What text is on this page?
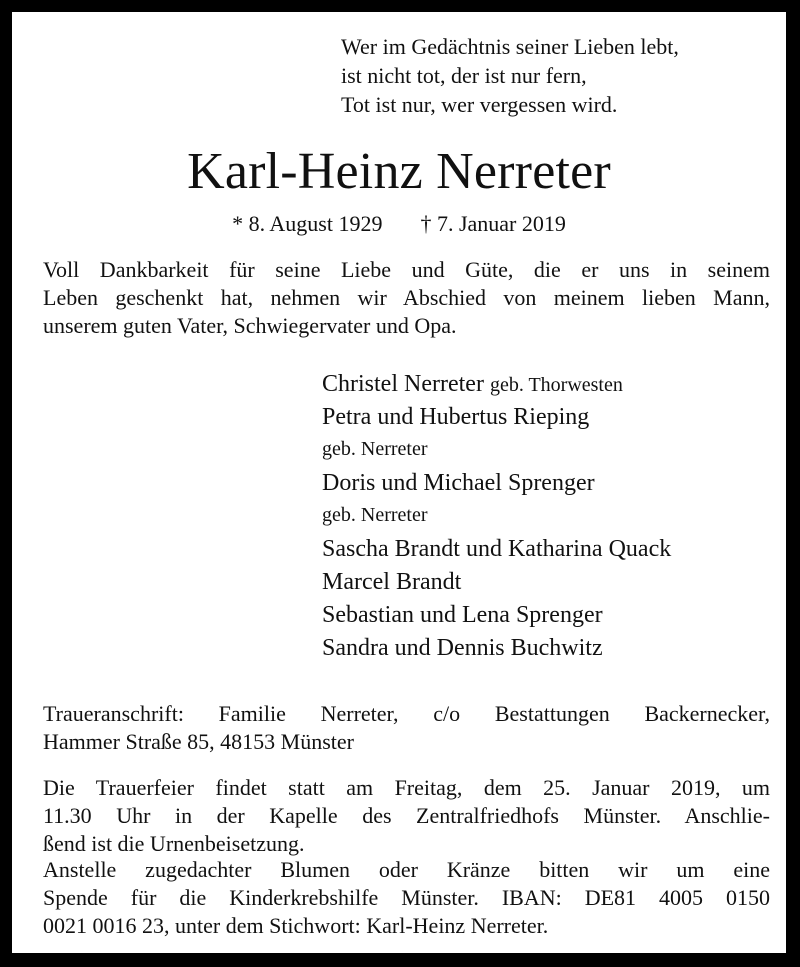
Wer im Gedächtnis seiner Lieben lebt,
ist nicht tot, der ist nur fern,
Tot ist nur, wer vergessen wird.
Karl-Heinz Nerreter
* 8. August 1929 † 7. Januar 2019
Voll Dankbarkeit für seine Liebe und Güte, die er uns in seinem
Leben geschenkt hat, nehmen wir Abschied von meinem lieben Mann,
unserem guten Vater, Schwiegervater und Opa.
Christel Nerreter geb. Thorwesten
Petra und Hubertus Rieping
geb. Nerreter
Doris und Michael Sprenger
geb. Nerreter
Sascha Brandt und Katharina Quack
Marcel Brandt
Sebastian und Lena Sprenger
Sandra und Dennis Buchwitz
Traueranschrift: Familie Nerreter, c/o Bestattungen Backernecker,
Hammer Straße 85, 48153 Münster
Die Trauerfeier findet statt am Freitag, dem 25. Januar 2019, um
11.30 Uhr in der Kapelle des Zentralfriedhofs Münster. Anschlie-
ßend ist die Urnenbeisetzung.
Anstelle zugedachter Blumen oder Kränze bitten wir um eine
Spende für die Kinderkrebshilfe Münster. IBAN: DE81 4005 0150
0021 0016 23, unter dem Stichwort: Karl-Heinz Nerreter.
